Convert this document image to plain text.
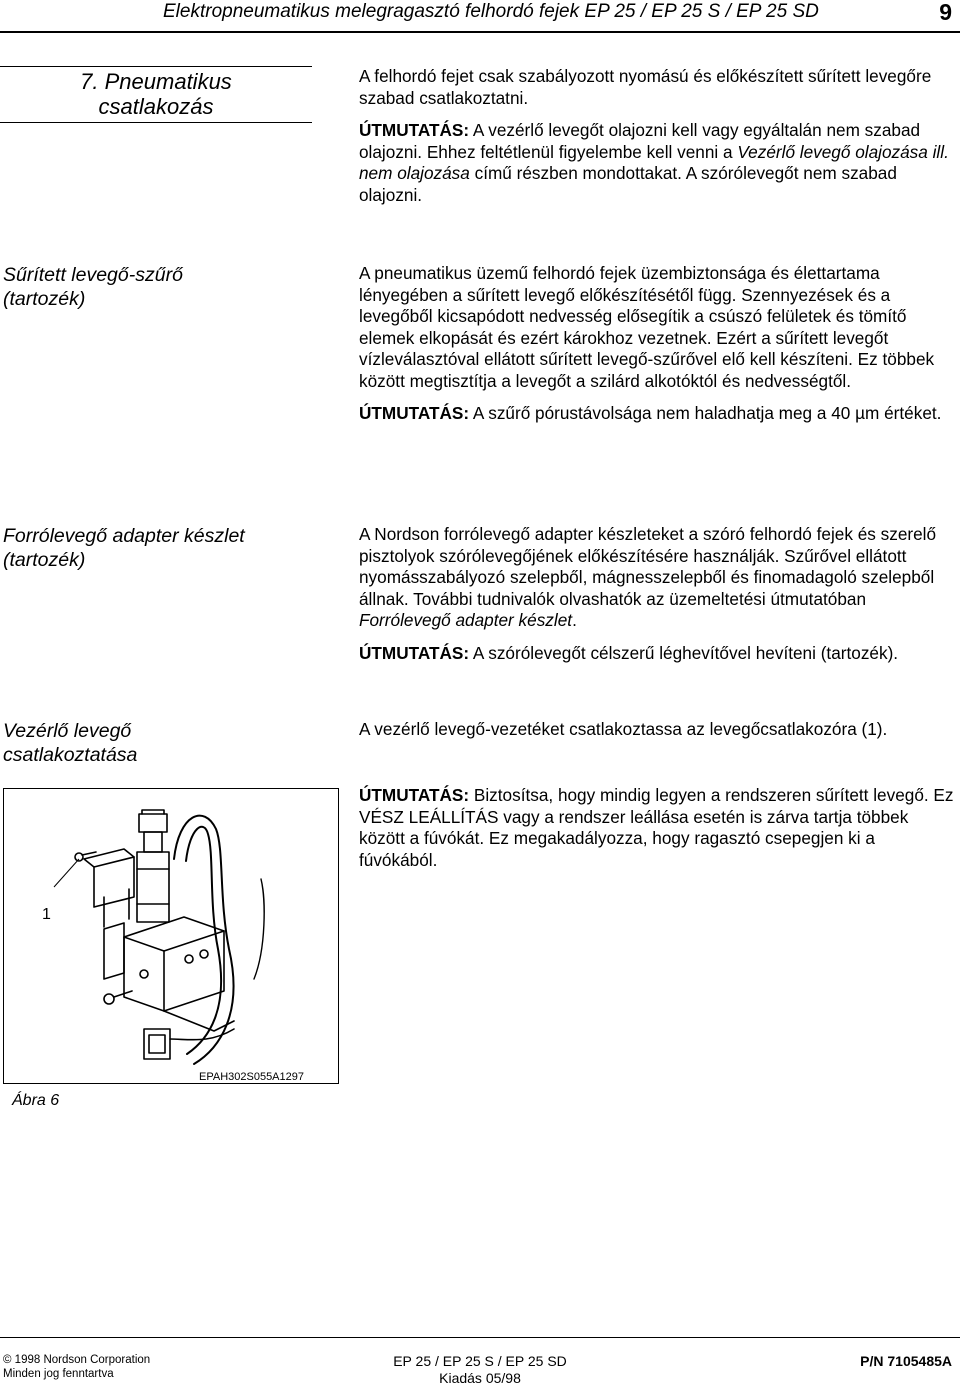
Elektropneumatikus melegragasztó felhordó fejek EP 25 / EP 25 S / EP 25 SD	9
7. Pneumatikus
csatlakozás

A felhordó fejet csak szabályozott nyomású és előkészített sűrített levegőre szabad csatlakoztatni.

ÚTMUTATÁS: A vezérlő levegőt olajozni kell vagy egyáltalán nem szabad olajozni. Ehhez feltétlenül figyelembe kell venni a Vezérlő levegő olajozása ill. nem olajozása című részben mondottakat. A szórólevegőt nem szabad olajozni.

Sűrített levegő-szűrő
(tartozék)

A pneumatikus üzemű felhordó fejek üzembiztonsága és élettartama lényegében a sűrített levegő előkészítésétől függ. Szennyezések és a levegőből kicsapódott nedvesség elősegítik a csúszó felületek és tömítő elemek elkopását és ezért károkhoz vezetnek. Ezért a sűrített levegőt vízleválasztóval ellátott sűrített levegő-szűrővel elő kell készíteni. Ez többek között megtisztítja a levegőt a szilárd alkotóktól és nedvességtől.

ÚTMUTATÁS: A szűrő pórustávolsága nem haladhatja meg a 40 µm értéket.

Forrólevegő adapter készlet
(tartozék)

A Nordson forrólevegő adapter készleteket a szóró felhordó fejek és szerelő pisztolyok szórólevegőjének előkészítésére használják. Szűrővel ellátott nyomásszabályozó szelepből, mágnesszelepből és finomadagoló szelepből állnak. További tudnivalók olvashatók az üzemeltetési útmutatóban Forrólevegő adapter készlet.

ÚTMUTATÁS: A szórólevegőt célszerű léghevítővel hevíteni (tartozék).

Vezérlő levegő
csatlakoztatása

A vezérlő levegő-vezetéket csatlakoztassa az levegőcsatlakozóra (1).

ÚTMUTATÁS: Biztosítsa, hogy mindig legyen a rendszeren sűrített levegő. Ez VÉSZ LEÁLLÍTÁS vagy a rendszer leállása esetén is zárva tartja többek között a fúvókát. Ez megakadályozza, hogy ragasztó csepegjen ki a fúvókából.

1
EPAH302S055A1297
Ábra 6
© 1998 Nordson Corporation
Minden jog fenntartva
EP 25 / EP 25 S / EP 25 SD
Kiadás 05/98
P/N 7105485A
